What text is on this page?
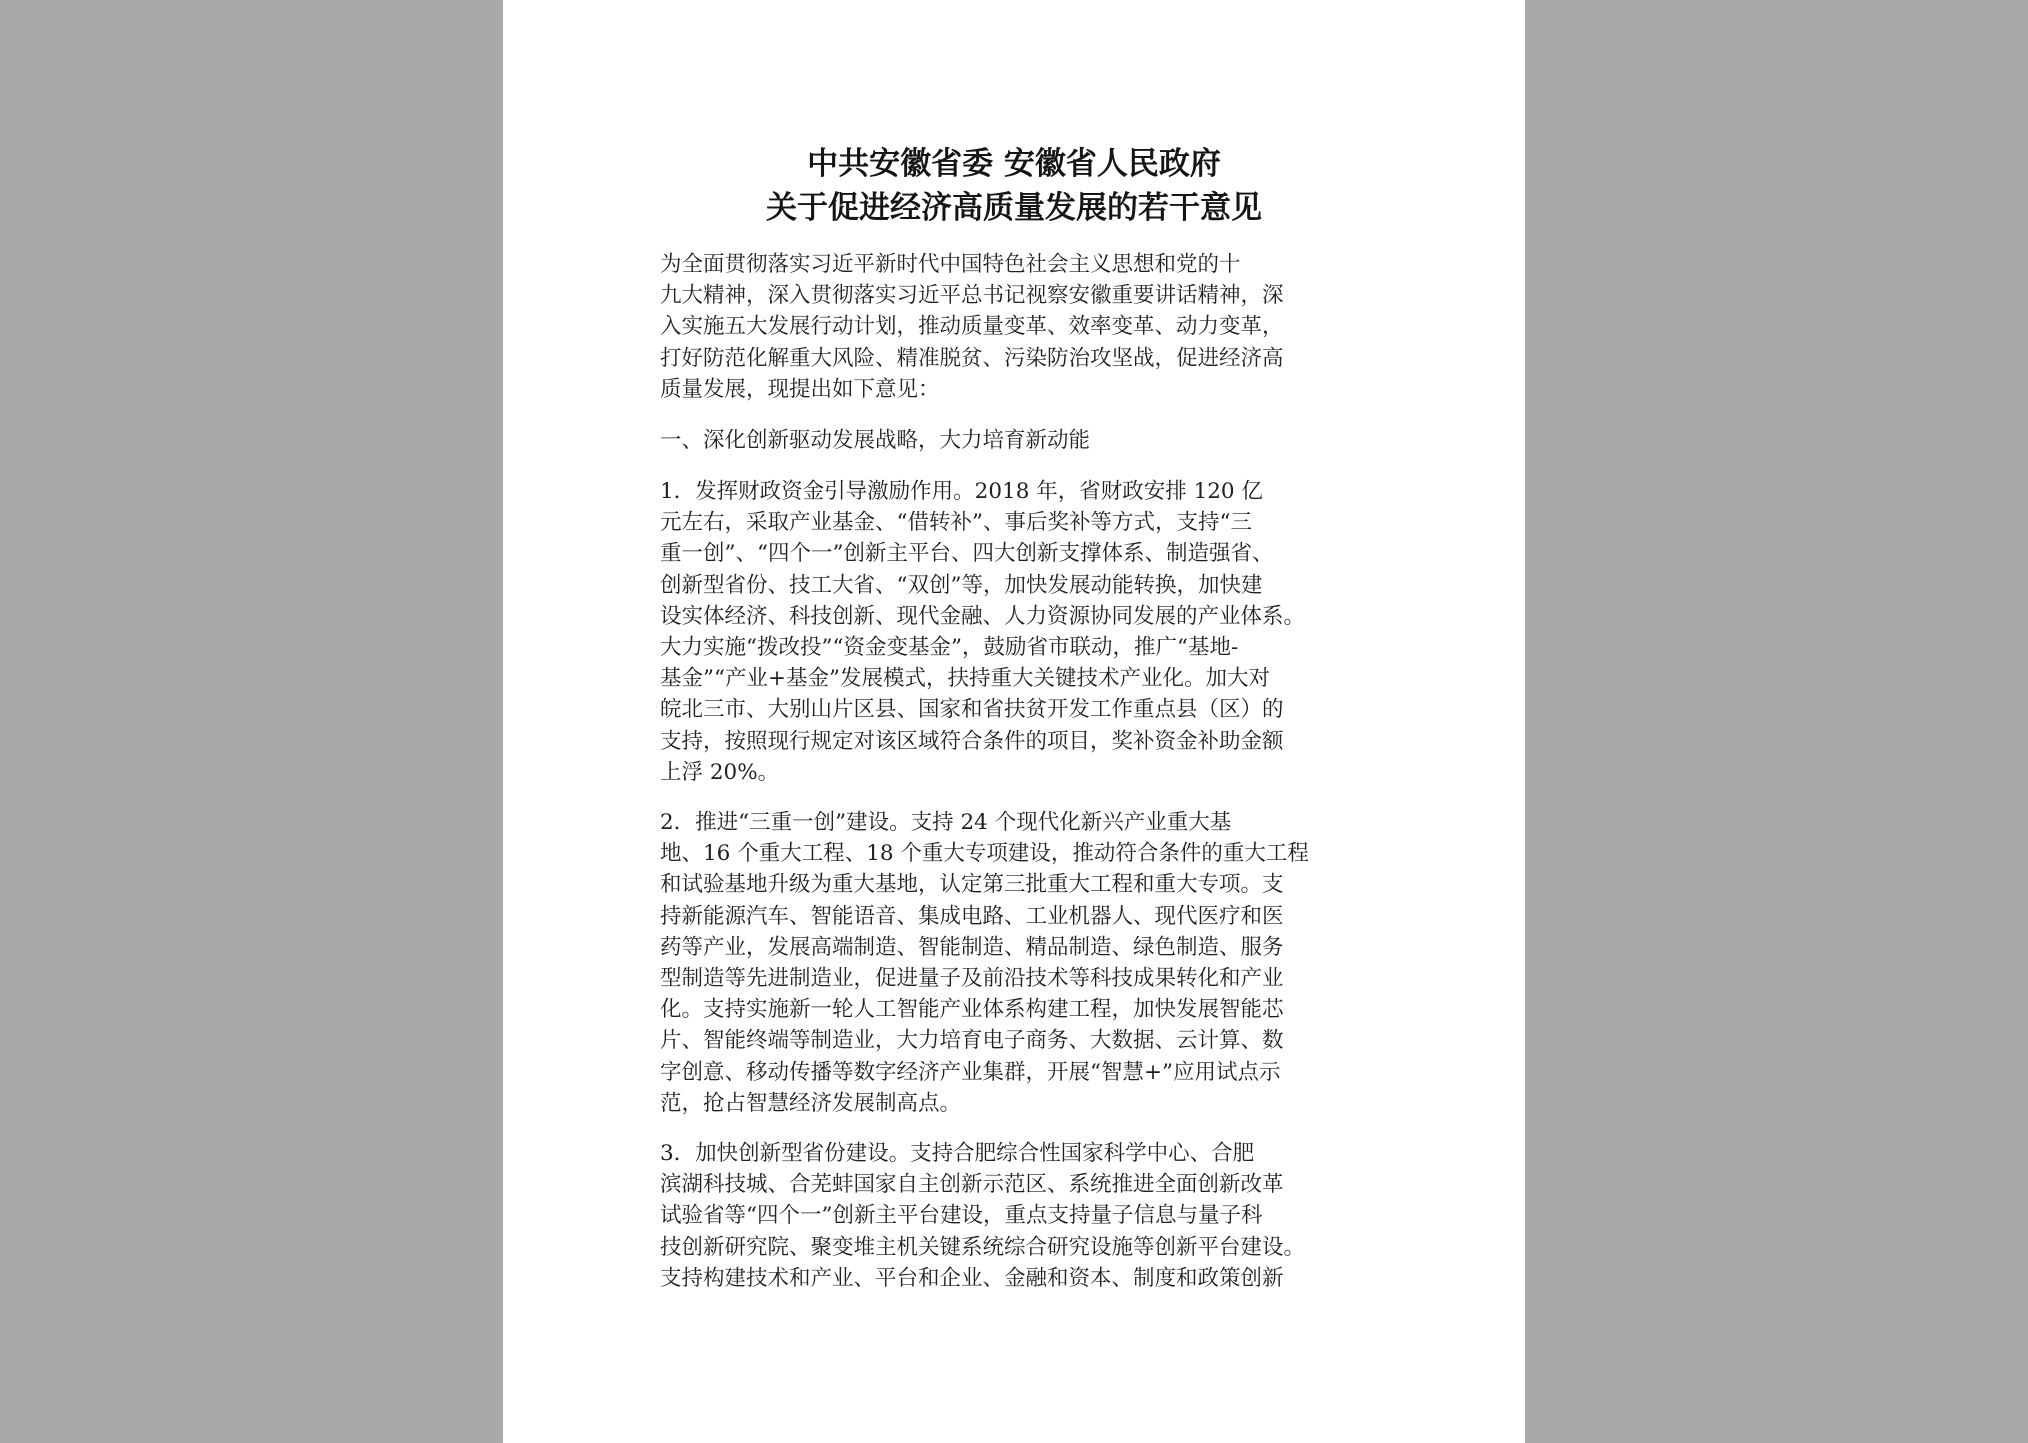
中共安徽省委 安徽省人民政府
关于促进经济高质量发展的若干意见
为全面贯彻落实习近平新时代中国特色社会主义思想和党的十
九大精神，深入贯彻落实习近平总书记视察安徽重要讲话精神，深
入实施五大发展行动计划，推动质量变革、效率变革、动力变革，
打好防范化解重大风险、精准脱贫、污染防治攻坚战，促进经济高
质量发展，现提出如下意见：
一、深化创新驱动发展战略，大力培育新动能
1．发挥财政资金引导激励作用。2018 年，省财政安排 120 亿
元左右，采取产业基金、“借转补”、事后奖补等方式，支持“三
重一创”、“四个一”创新主平台、四大创新支撑体系、制造强省、
创新型省份、技工大省、“双创”等，加快发展动能转换，加快建
设实体经济、科技创新、现代金融、人力资源协同发展的产业体系。
大力实施“拨改投”“资金变基金”，鼓励省市联动，推广“基地-
基金”“产业+基金”发展模式，扶持重大关键技术产业化。加大对
皖北三市、大别山片区县、国家和省扶贫开发工作重点县（区）的
支持，按照现行规定对该区域符合条件的项目，奖补资金补助金额
上浮 20%。
2．推进“三重一创”建设。支持 24 个现代化新兴产业重大基
地、16 个重大工程、18 个重大专项建设，推动符合条件的重大工程
和试验基地升级为重大基地，认定第三批重大工程和重大专项。支
持新能源汽车、智能语音、集成电路、工业机器人、现代医疗和医
药等产业，发展高端制造、智能制造、精品制造、绿色制造、服务
型制造等先进制造业，促进量子及前沿技术等科技成果转化和产业
化。支持实施新一轮人工智能产业体系构建工程，加快发展智能芯
片、智能终端等制造业，大力培育电子商务、大数据、云计算、数
字创意、移动传播等数字经济产业集群，开展“智慧+”应用试点示
范，抢占智慧经济发展制高点。
3．加快创新型省份建设。支持合肥综合性国家科学中心、合肥
滨湖科技城、合芜蚌国家自主创新示范区、系统推进全面创新改革
试验省等“四个一”创新主平台建设，重点支持量子信息与量子科
技创新研究院、聚变堆主机关键系统综合研究设施等创新平台建设。
支持构建技术和产业、平台和企业、金融和资本、制度和政策创新
